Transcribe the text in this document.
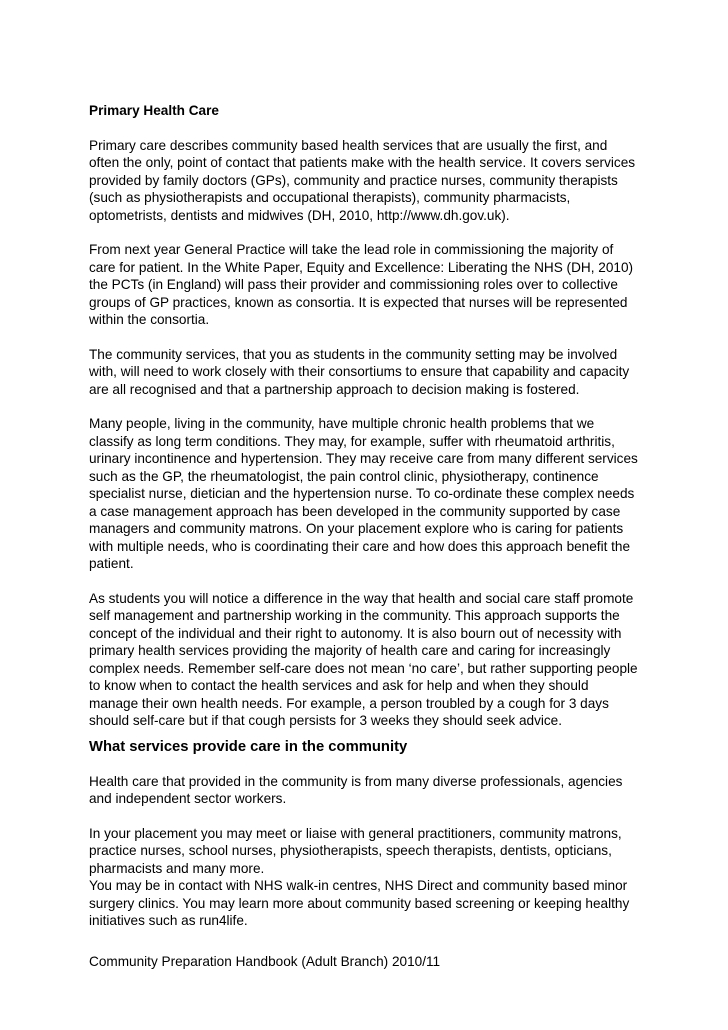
Primary Health Care

Primary care describes community based health services that are usually the first, and
often the only, point of contact that patients make with the health service. It covers services
provided by family doctors (GPs), community and practice nurses, community therapists
(such as physiotherapists and occupational therapists), community pharmacists,
optometrists, dentists and midwives (DH, 2010, http://www.dh.gov.uk).

From next year General Practice will take the lead role in commissioning the majority of
care for patient. In the White Paper, Equity and Excellence: Liberating the NHS (DH, 2010)
the PCTs (in England) will pass their provider and commissioning roles over to collective
groups of GP practices, known as consortia. It is expected that nurses will be represented
within the consortia.

The community services, that you as students in the community setting may be involved
with, will need to work closely with their consortiums to ensure that capability and capacity
are all recognised and that a partnership approach to decision making is fostered.

Many people, living in the community, have multiple chronic health problems that we
classify as long term conditions. They may, for example, suffer with rheumatoid arthritis,
urinary incontinence and hypertension. They may receive care from many different services
such as the GP, the rheumatologist, the pain control clinic, physiotherapy, continence
specialist nurse, dietician and the hypertension nurse. To co-ordinate these complex needs
a case management approach has been developed in the community supported by case
managers and community matrons. On your placement explore who is caring for patients
with multiple needs, who is coordinating their care and how does this approach benefit the
patient.

As students you will notice a difference in the way that health and social care staff promote
self management and partnership working in the community. This approach supports the
concept of the individual and their right to autonomy. It is also bourn out of necessity with
primary health services providing the majority of health care and caring for increasingly
complex needs. Remember self-care does not mean ‘no care’, but rather supporting people
to know when to contact the health services and ask for help and when they should
manage their own health needs. For example, a person troubled by a cough for 3 days
should self-care but if that cough persists for 3 weeks they should seek advice.

What services provide care in the community

Health care that provided in the community is from many diverse professionals, agencies
and independent sector workers.

In your placement you may meet or liaise with general practitioners, community matrons,
practice nurses, school nurses, physiotherapists, speech therapists, dentists, opticians,
pharmacists and many more.
You may be in contact with NHS walk-in centres, NHS Direct and community based minor
surgery clinics. You may learn more about community based screening or keeping healthy
initiatives such as run4life.

Community Preparation Handbook (Adult Branch) 2010/11
